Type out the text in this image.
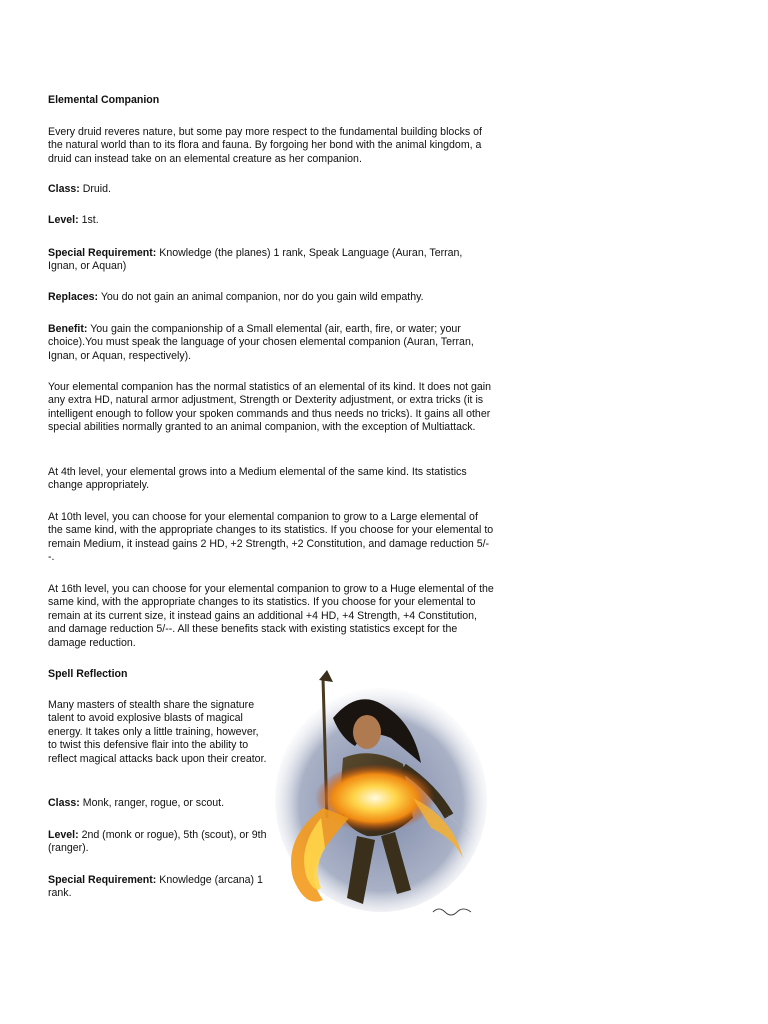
Elemental Companion

Every druid reveres nature, but some pay more respect to the fundamental building blocks of the natural world than to its flora and fauna. By forgoing her bond with the animal kingdom, a druid can instead take on an elemental creature as her companion.

Class: Druid.

Level: 1st.

Special Requirement: Knowledge (the planes) 1 rank, Speak Language (Auran, Terran, Ignan, or Aquan)

Replaces: You do not gain an animal companion, nor do you gain wild empathy.

Benefit: You gain the companionship of a Small elemental (air, earth, fire, or water; your choice).You must speak the language of your chosen elemental companion (Auran, Terran, Ignan, or Aquan, respectively).

Your elemental companion has the normal statistics of an elemental of its kind. It does not gain any extra HD, natural armor adjustment, Strength or Dexterity adjustment, or extra tricks (it is intelligent enough to follow your spoken commands and thus needs no tricks). It gains all other special abilities normally granted to an animal companion, with the exception of Multiattack.

At 4th level, your elemental grows into a Medium elemental of the same kind. Its statistics change appropriately.

At 10th level, you can choose for your elemental companion to grow to a Large elemental of the same kind, with the appropriate changes to its statistics. If you choose for your elemental to remain Medium, it instead gains 2 HD, +2 Strength, +2 Constitution, and damage reduction 5/--.

At 16th level, you can choose for your elemental companion to grow to a Huge elemental of the same kind, with the appropriate changes to its statistics. If you choose for your elemental to remain at its current size, it instead gains an additional +4 HD, +4 Strength, +4 Constitution, and damage reduction 5/--. All these benefits stack with existing statistics except for the damage reduction.

Spell Reflection

Many masters of stealth share the signature talent to avoid explosive blasts of magical energy. It takes only a little training, however, to twist this defensive flair into the ability to reflect magical attacks back upon their creator.

Class: Monk, ranger, rogue, or scout.

Level: 2nd (monk or rogue), 5th (scout), or 9th (ranger).

Special Requirement: Knowledge (arcana) 1 rank.
